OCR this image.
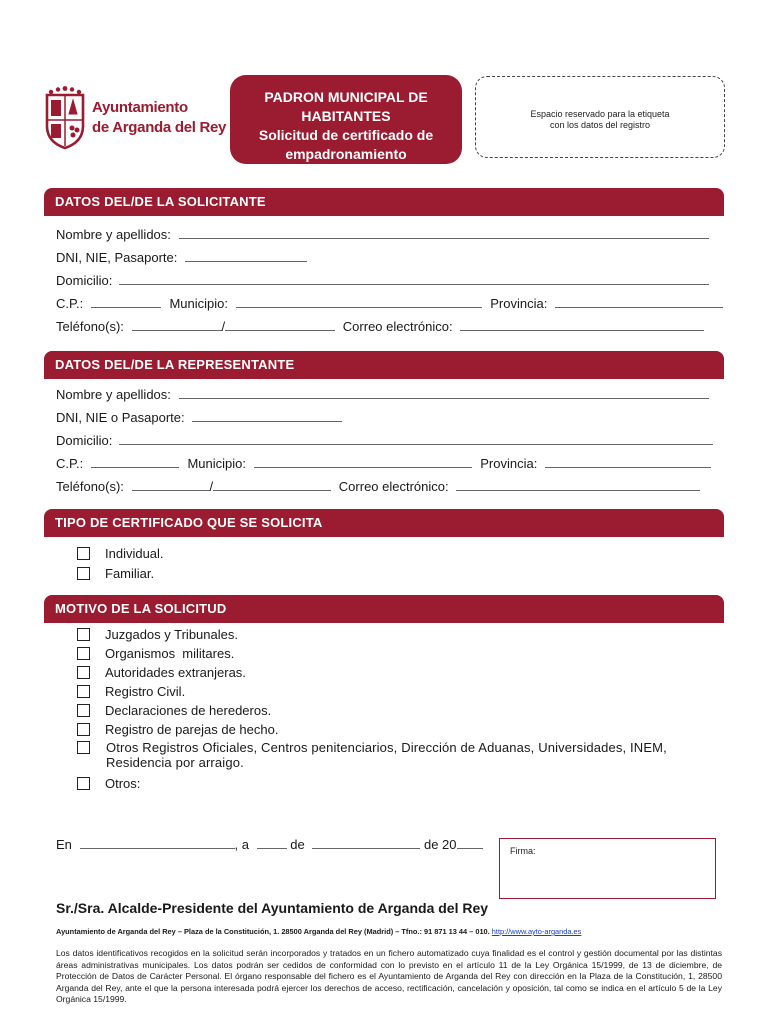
Ayuntamiento
de Arganda del Rey
PADRON MUNICIPAL DE
HABITANTES
Solicitud de certificado de
empadronamiento
Espacio reservado para la etiqueta
con los datos del registro
DATOS DEL/DE LA SOLICITANTE
Nombre y apellidos:
DNI, NIE, Pasaporte:
Domicilio:
C.P.:	Municipio:	Provincia:
Teléfono(s):	/	Correo electrónico:
DATOS DEL/DE LA REPRESENTANTE
Nombre y apellidos:
DNI, NIE o Pasaporte:
Domicilio:
C.P.:	Municipio:	Provincia:
Teléfono(s):	/	Correo electrónico:
TIPO DE CERTIFICADO QUE SE SOLICITA
Individual.
Familiar.
MOTIVO DE LA SOLICITUD
Juzgados y Tribunales.
Organismos  militares.
Autoridades extranjeras.
Registro Civil.
Declaraciones de herederos.
Registro de parejas de hecho.
Otros Registros Oficiales, Centros penitenciarios, Dirección de Aduanas, Universidades, INEM, Residencia por arraigo.
Otros:
En	, a	de	de 20	Firma:
Sr./Sra. Alcalde-Presidente del Ayuntamiento de Arganda del Rey
Ayuntamiento de Arganda del Rey – Plaza de la Constitución, 1. 28500 Arganda del Rey (Madrid) – Tfno.: 91 871 13 44 – 010. http://www.ayto-arganda.es
Los datos identificativos recogidos en la solicitud serán incorporados y tratados en un fichero automatizado cuya finalidad es el control y gestión documental por las distintas áreas administrativas municipales. Los datos podrán ser cedidos de conformidad con lo previsto en el artículo 11 de la Ley Orgánica 15/1999, de 13 de diciembre, de Protección de Datos de Carácter Personal. El órgano responsable del fichero es el Ayuntamiento de Arganda del Rey con dirección en la Plaza de la Constitución, 1, 28500 Arganda del Rey, ante el que la persona interesada podrá ejercer los derechos de acceso, rectificación, cancelación y oposición, tal como se indica en el artículo 5 de la Ley Orgánica 15/1999.
